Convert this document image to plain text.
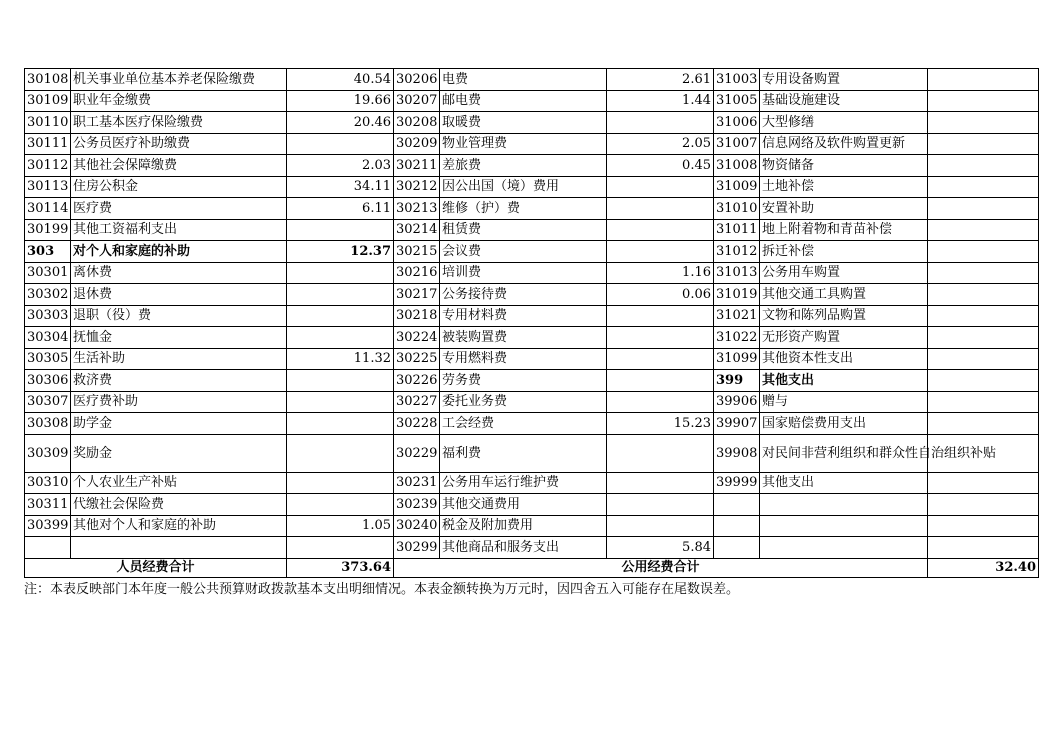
30108	机关事业单位基本养老保险缴费	40.54	30206	电费	2.61	31003	专用设备购置	
30109	职业年金缴费	19.66	30207	邮电费	1.44	31005	基础设施建设	
30110	职工基本医疗保险缴费	20.46	30208	取暖费		31006	大型修缮	
30111	公务员医疗补助缴费		30209	物业管理费	2.05	31007	信息网络及软件购置更新	
30112	其他社会保障缴费	2.03	30211	差旅费	0.45	31008	物资储备	
30113	住房公积金	34.11	30212	因公出国（境）费用		31009	土地补偿	
30114	医疗费	6.11	30213	维修（护）费		31010	安置补助	
30199	其他工资福利支出		30214	租赁费		31011	地上附着物和青苗补偿	
303	对个人和家庭的补助	12.37	30215	会议费		31012	拆迁补偿	
30301	离休费		30216	培训费	1.16	31013	公务用车购置	
30302	退休费		30217	公务接待费	0.06	31019	其他交通工具购置	
30303	退职（役）费		30218	专用材料费		31021	文物和陈列品购置	
30304	抚恤金		30224	被装购置费		31022	无形资产购置	
30305	生活补助	11.32	30225	专用燃料费		31099	其他资本性支出	
30306	救济费		30226	劳务费		399	其他支出	
30307	医疗费补助		30227	委托业务费		39906	赠与	
30308	助学金		30228	工会经费	15.23	39907	国家赔偿费用支出	
30309	奖励金		30229	福利费		39908	对民间非营利组织和群众性自治组织补贴	
30310	个人农业生产补贴		30231	公务用车运行维护费		39999	其他支出	
30311	代缴社会保险费		30239	其他交通费用				
30399	其他对个人和家庭的补助	1.05	30240	税金及附加费用				
			30299	其他商品和服务支出	5.84			
人员经费合计		373.64	公用经费合计					32.40
注：本表反映部门本年度一般公共预算财政拨款基本支出明细情况。本表金额转换为万元时，因四舍五入可能存在尾数误差。
